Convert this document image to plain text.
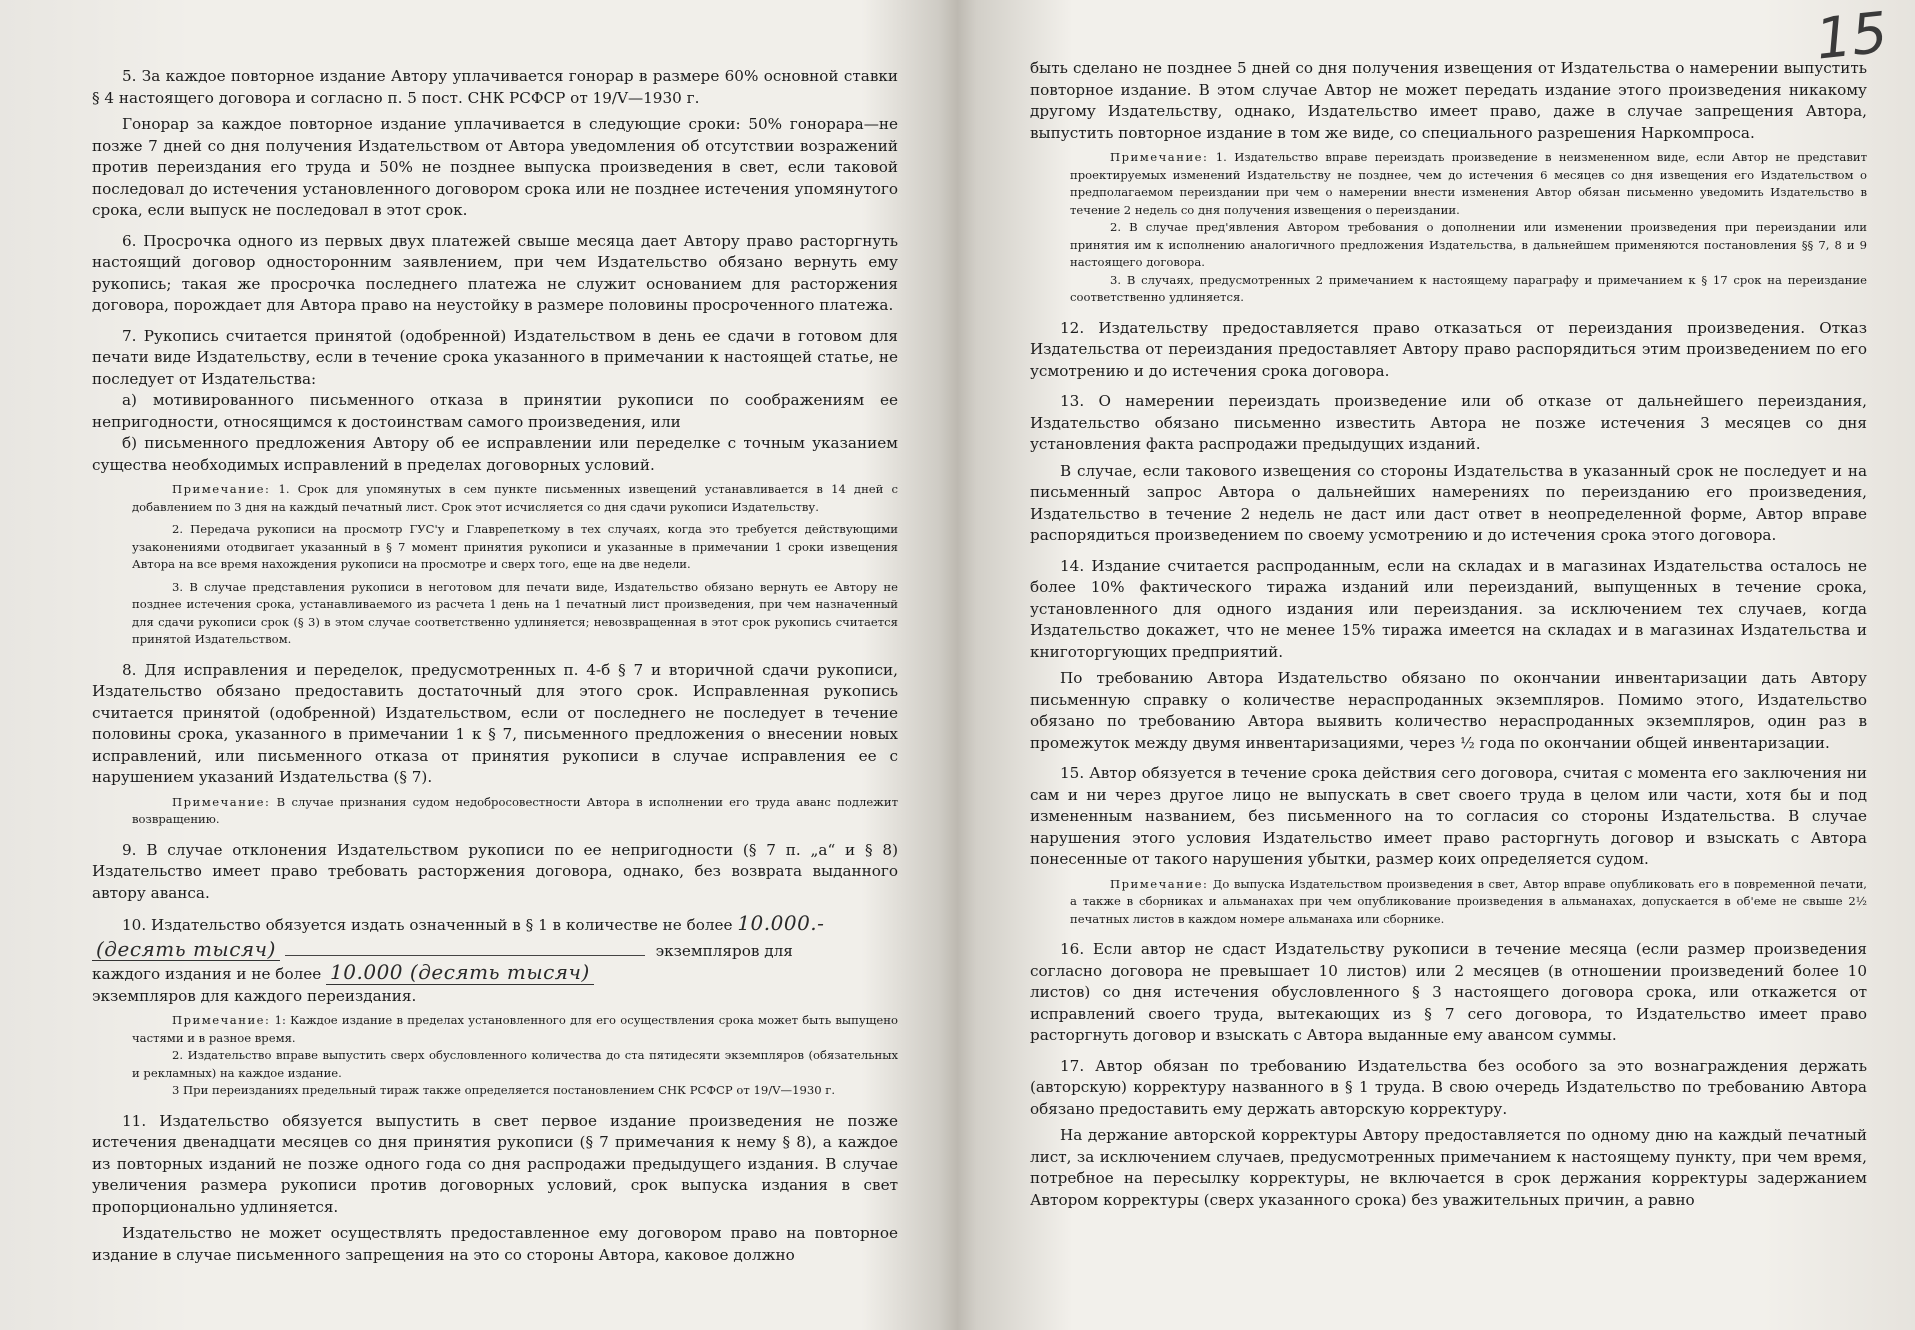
5. За каждое повторное издание Автору уплачивается гонорар в размере 60% основной ставки § 4 настоящего договора и согласно п. 5 пост. СНК РСФСР от 19/V—1930 г.

Гонорар за каждое повторное издание уплачивается в следующие сроки: 50% гонорара—не позже 7 дней со дня получения Издательством от Автора уведомления об отсутствии возражений против переиздания его труда и 50% не позднее выпуска произведения в свет, если таковой последовал до истечения установленного договором срока или не позднее истечения упомянутого срока, если выпуск не последовал в этот срок.

6. Просрочка одного из первых двух платежей свыше месяца дает Автору право расторгнуть настоящий договор односторонним заявлением, при чем Издательство обязано вернуть ему рукопись; такая же просрочка последнего платежа не служит основанием для расторжения договора, порождает для Автора право на неустойку в размере половины просроченного платежа.

7. Рукопись считается принятой (одобренной) Издательством в день ее сдачи в готовом для печати виде Издательству, если в течение срока указанного в примечании к настоящей статье, не последует от Издательства:

а) мотивированного письменного отказа в принятии рукописи по соображениям ее непригодности, относящимся к достоинствам самого произведения, или

б) письменного предложения Автору об ее исправлении или переделке с точным указанием существа необходимых исправлений в пределах договорных условий.

Примечание: 1. Срок для упомянутых в сем пункте письменных извещений устанавливается в 14 дней с добавлением по 3 дня на каждый печатный лист. Срок этот исчисляется со дня сдачи рукописи Издательству.

2. Передача рукописи на просмотр ГУС'у и Главрепеткому в тех случаях, когда это требуется действующими узаконениями отодвигает указанный в § 7 момент принятия рукописи и указанные в примечании 1 сроки извещения Автора на все время нахождения рукописи на просмотре и сверх того, еще на две недели.

3. В случае представления рукописи в неготовом для печати виде, Издательство обязано вернуть ее Автору не позднее истечения срока, устанавливаемого из расчета 1 день на 1 печатный лист произведения, при чем назначенный для сдачи рукописи срок (§ 3) в этом случае соответственно удлиняется; невозвращенная в этот срок рукопись считается принятой Издательством.

8. Для исправления и переделок, предусмотренных п. 4-б § 7 и вторичной сдачи рукописи, Издательство обязано предоставить достаточный для этого срок. Исправленная рукопись считается принятой (одобренной) Издательством, если от последнего не последует в течение половины срока, указанного в примечании 1 к § 7, письменного предложения о внесении новых исправлений, или письменного отказа от принятия рукописи в случае исправления ее с нарушением указаний Издательства (§ 7).

Примечание: В случае признания судом недобросовестности Автора в исполнении его труда аванс подлежит возвращению.

9. В случае отклонения Издательством рукописи по ее непригодности (§ 7 п. „а“ и § 8) Издательство имеет право требовать расторжения договора, однако, без возврата выданного автору аванса.

10. Издательство обязуется издать означенный в § 1 в количестве не более 10.000.-

(десять тысяч)	экземпляров для

каждого издания и не более 10.000 (десять тысяч)

экземпляров для каждого переиздания.

Примечание: 1: Каждое издание в пределах установленного для его осуществления срока может быть выпущено частями и в разное время.

2. Издательство вправе выпустить сверх обусловленного количества до ста пятидесяти экземпляров (обязательных и рекламных) на каждое издание.

3 При переизданиях предельный тираж также определяется постановлением СНК РСФСР от 19/V—1930 г.

11. Издательство обязуется выпустить в свет первое издание произведения не позже истечения двенадцати месяцев со дня принятия рукописи (§ 7 примечания к нему § 8), а каждое из повторных изданий не позже одного года со дня распродажи предыдущего издания. В случае увеличения размера рукописи против договорных условий, срок выпуска издания в свет пропорционально удлиняется.

Издательство не может осуществлять предоставленное ему договором право на повторное издание в случае письменного запрещения на это со стороны Автора, каковое должно

15

быть сделано не позднее 5 дней со дня получения извещения от Издательства о намерении выпустить повторное издание. В этом случае Автор не может передать издание этого произведения никакому другому Издательству, однако, Издательство имеет право, даже в случае запрещения Автора, выпустить повторное издание в том же виде, со специального разрешения Наркомпроса.

Примечание: 1. Издательство вправе переиздать произведение в неизмененном виде, если Автор не представит проектируемых изменений Издательству не позднее, чем до истечения 6 месяцев со дня извещения его Издательством о предполагаемом переиздании при чем о намерении внести изменения Автор обязан письменно уведомить Издательство в течение 2 недель со дня получения извещения о переиздании.

2. В случае пред'явления Автором требования о дополнении или изменении произведения при переиздании или принятия им к исполнению аналогичного предложения Издательства, в дальнейшем применяются постановления §§ 7, 8 и 9 настоящего договора.

3. В случаях, предусмотренных 2 примечанием к настоящему параграфу и примечанием к § 17 срок на переиздание соответственно удлиняется.

12. Издательству предоставляется право отказаться от переиздания произведения. Отказ Издательства от переиздания предоставляет Автору право распорядиться этим произведением по его усмотрению и до истечения срока договора.

13. О намерении переиздать произведение или об отказе от дальнейшего переиздания, Издательство обязано письменно известить Автора не позже истечения 3 месяцев со дня установления факта распродажи предыдущих изданий.

В случае, если такового извещения со стороны Издательства в указанный срок не последует и на письменный запрос Автора о дальнейших намерениях по переизданию его произведения, Издательство в течение 2 недель не даст или даст ответ в неопределенной форме, Автор вправе распорядиться произведением по своему усмотрению и до истечения срока этого договора.

14. Издание считается распроданным, если на складах и в магазинах Издательства осталось не более 10% фактического тиража изданий или переизданий, выпущенных в течение срока, установленного для одного издания или переиздания. за исключением тех случаев, когда Издательство докажет, что не менее 15% тиража имеется на складах и в магазинах Издательства и книготоргующих предприятий.

По требованию Автора Издательство обязано по окончании инвентаризации дать Автору письменную справку о количестве нераспроданных экземпляров. Помимо этого, Издательство обязано по требованию Автора выявить количество нераспроданных экземпляров, один раз в промежуток между двумя инвентаризациями, через ½ года по окончании общей инвентаризации.

15. Автор обязуется в течение срока действия сего договора, считая с момента его заключения ни сам и ни через другое лицо не выпускать в свет своего труда в целом или части, хотя бы и под измененным названием, без письменного на то согласия со стороны Издательства. В случае нарушения этого условия Издательство имеет право расторгнуть договор и взыскать с Автора понесенные от такого нарушения убытки, размер коих определяется судом.

Примечание: До выпуска Издательством произведения в свет, Автор вправе опубликовать его в повременной печати, а также в сборниках и альманахах при чем опубликование произведения в альманахах, допускается в об'еме не свыше 2½ печатных листов в каждом номере альманаха или сборнике.

16. Если автор не сдаст Издательству рукописи в течение месяца (если размер произведения согласно договора не превышает 10 листов) или 2 месяцев (в отношении произведений более 10 листов) со дня истечения обусловленного § 3 настоящего договора срока, или откажется от исправлений своего труда, вытекающих из § 7 сего договора, то Издательство имеет право расторгнуть договор и взыскать с Автора выданные ему авансом суммы.

17. Автор обязан по требованию Издательства без особого за это вознаграждения держать (авторскую) корректуру названного в § 1 труда. В свою очередь Издательство по требованию Автора обязано предоставить ему держать авторскую корректуру.

На держание авторской корректуры Автору предоставляется по одному дню на каждый печатный лист, за исключением случаев, предусмотренных примечанием к настоящему пункту, при чем время, потребное на пересылку корректуры, не включается в срок держания корректуры задержанием Автором корректуры (сверх указанного срока) без уважительных причин, а равно
